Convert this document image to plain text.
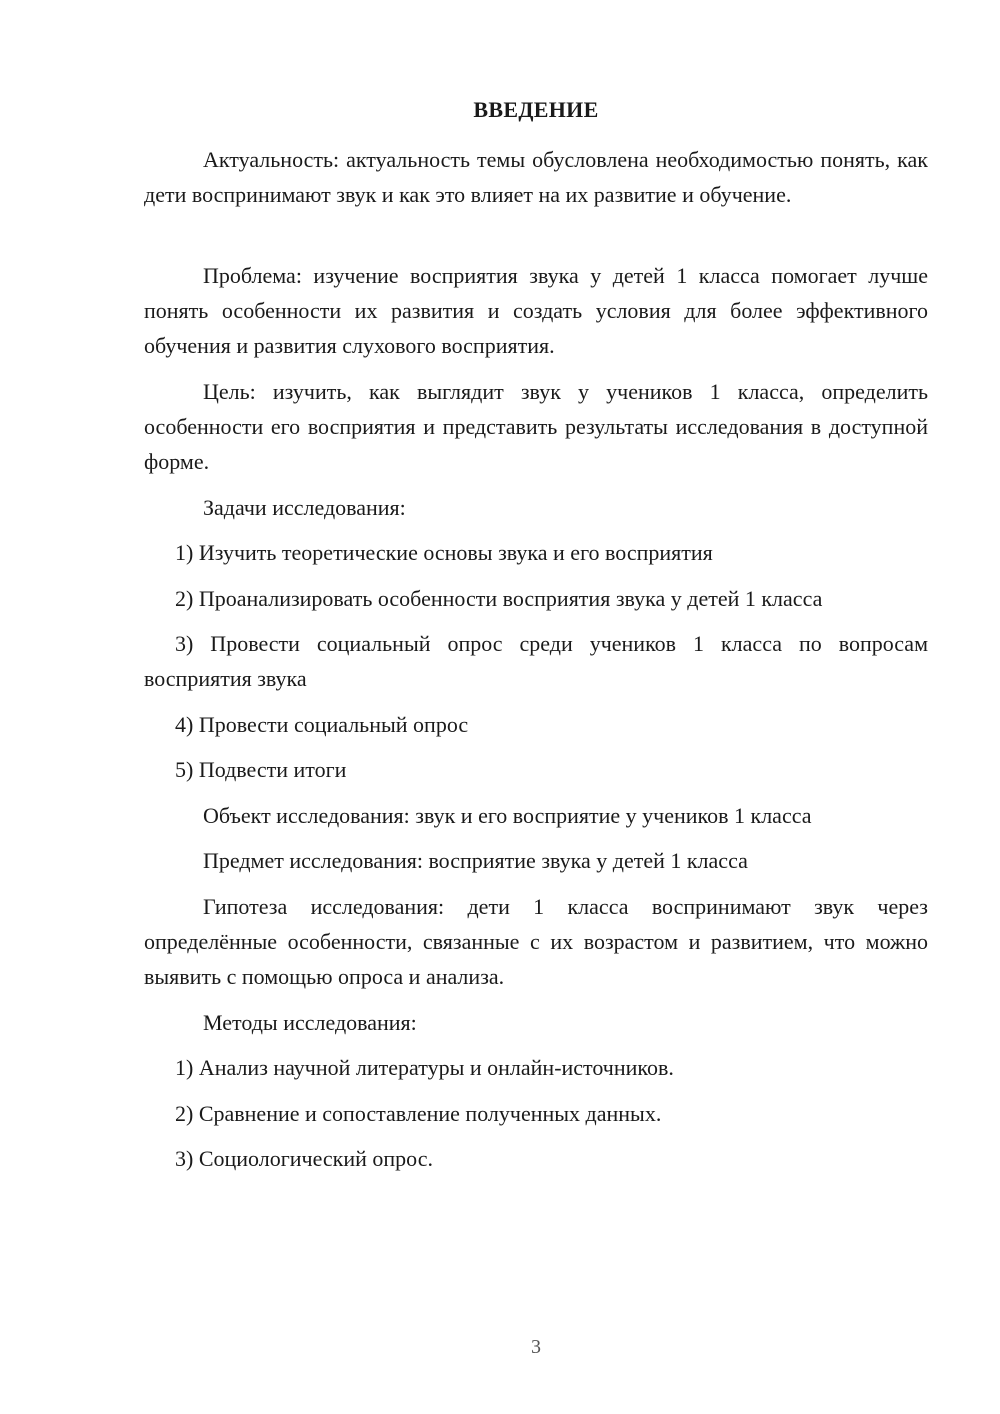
ВВЕДЕНИЕ
Актуальность: актуальность темы обусловлена необходимостью понять, как дети воспринимают звук и как это влияет на их развитие и обучение.
Проблема: изучение восприятия звука у детей 1 класса помогает лучше понять особенности их развития и создать условия для более эффективного обучения и развития слухового восприятия.
Цель: изучить, как выглядит звук у учеников 1 класса, определить особенности его восприятия и представить результаты исследования в доступной форме.
Задачи исследования:
1) Изучить теоретические основы звука и его восприятия
2) Проанализировать особенности восприятия звука у детей 1 класса
3) Провести социальный опрос среди учеников 1 класса по вопросам восприятия звука
4) Провести социальный опрос
5) Подвести итоги
Объект исследования: звук и его восприятие у учеников 1 класса
Предмет исследования: восприятие звука у детей 1 класса
Гипотеза исследования: дети 1 класса воспринимают звук через определённые особенности, связанные с их возрастом и развитием, что можно выявить с помощью опроса и анализа.
Методы исследования:
1) Анализ научной литературы и онлайн-источников.
2) Сравнение и сопоставление полученных данных.
3) Социологический опрос.
3
